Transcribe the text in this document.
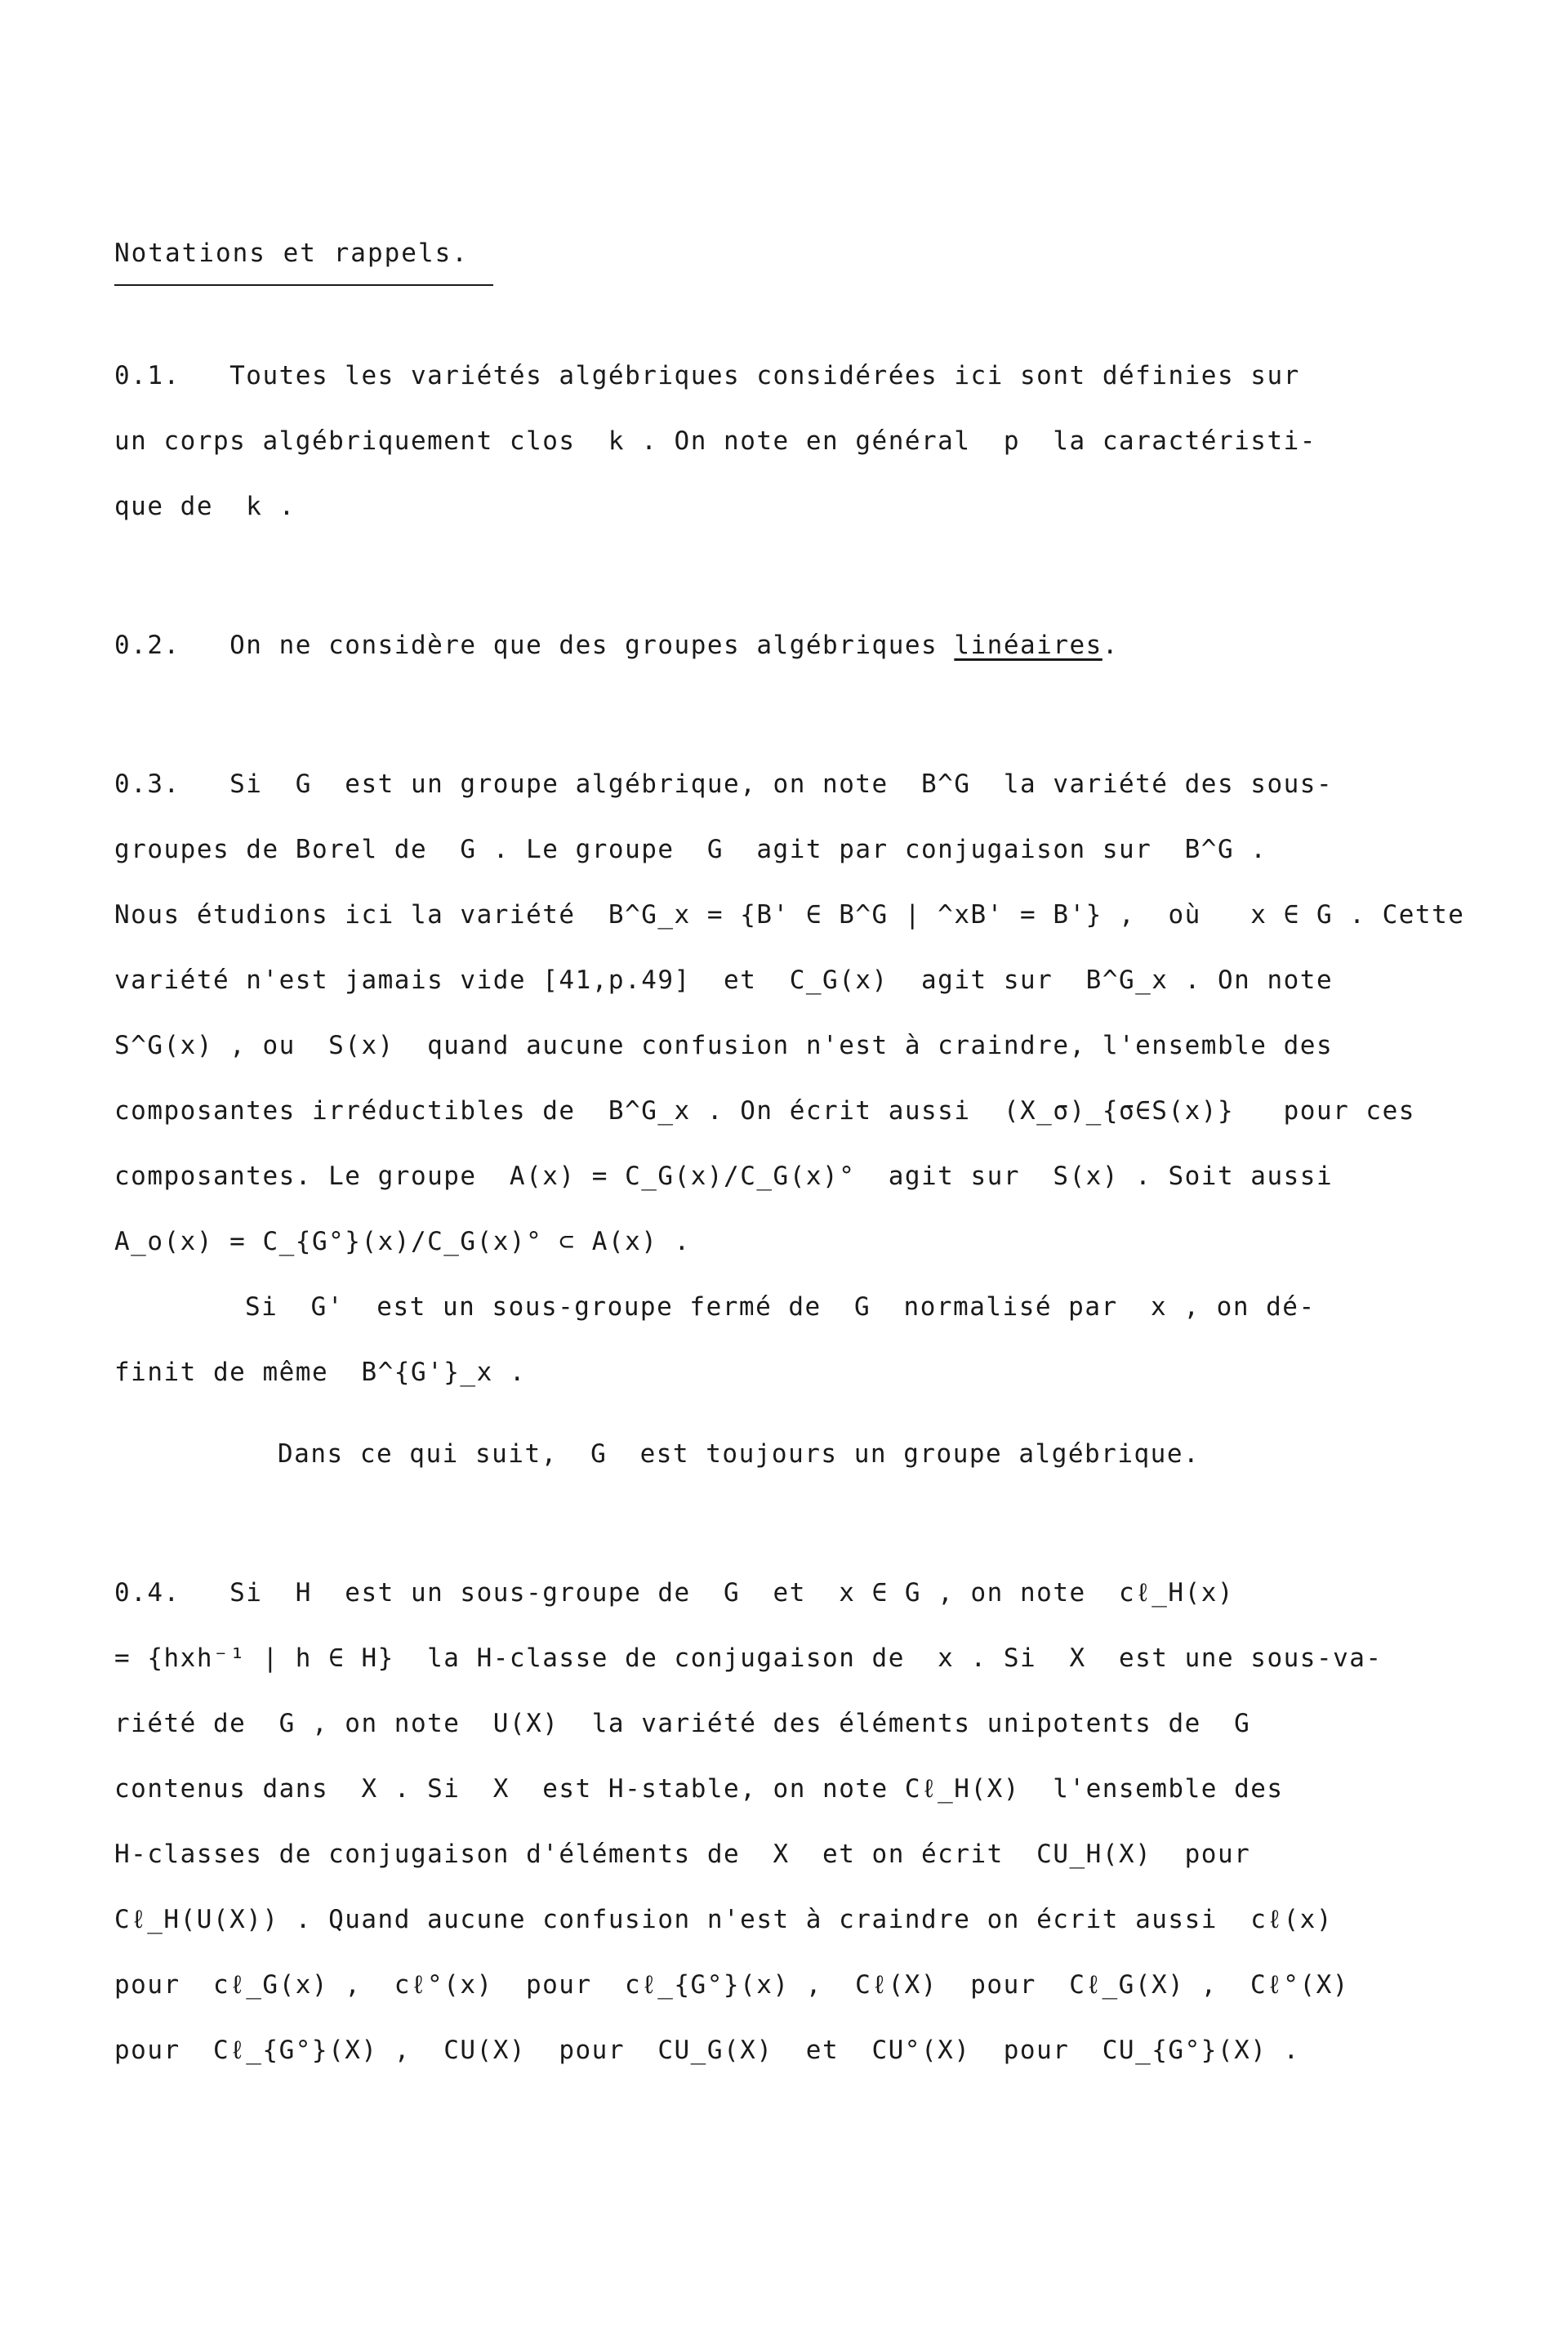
Notations et rappels.
0.1.   Toutes les variétés algébriques considérées ici sont définies sur
un corps algébriquement clos  k . On note en général  p  la caractéristi-
que de  k .
0.2.   On ne considère que des groupes algébriques linéaires.
0.3.   Si  G  est un groupe algébrique, on note  B^G  la variété des sous-
groupes de Borel de  G . Le groupe  G  agit par conjugaison sur  B^G .
Nous étudions ici la variété  B^G_x = {B' ∈ B^G | ^xB' = B'} ,  où   x ∈ G . Cette
variété n'est jamais vide [41,p.49]  et  C_G(x)  agit sur  B^G_x . On note
S^G(x) , ou  S(x)  quand aucune confusion n'est à craindre, l'ensemble des
composantes irréductibles de  B^G_x . On écrit aussi  (X_σ)_{σ∈S(x)}   pour ces
composantes. Le groupe  A(x) = C_G(x)/C_G(x)°  agit sur  S(x) . Soit aussi
A_o(x) = C_{G°}(x)/C_G(x)° ⊂ A(x) .
Si  G'  est un sous-groupe fermé de  G  normalisé par  x , on dé-
finit de même  B^{G'}_x .
Dans ce qui suit,  G  est toujours un groupe algébrique.
0.4.   Si  H  est un sous-groupe de  G  et  x ∈ G , on note  cℓ_H(x)
= {hxh⁻¹ | h ∈ H}  la H-classe de conjugaison de  x . Si  X  est une sous-va-
riété de  G , on note  U(X)  la variété des éléments unipotents de  G
contenus dans  X . Si  X  est H-stable, on note Cℓ_H(X)  l'ensemble des
H-classes de conjugaison d'éléments de  X  et on écrit  CU_H(X)  pour
Cℓ_H(U(X)) . Quand aucune confusion n'est à craindre on écrit aussi  cℓ(x)
pour  cℓ_G(x) ,  cℓ°(x)  pour  cℓ_{G°}(x) ,  Cℓ(X)  pour  Cℓ_G(X) ,  Cℓ°(X)
pour  Cℓ_{G°}(X) ,  CU(X)  pour  CU_G(X)  et  CU°(X)  pour  CU_{G°}(X) .
